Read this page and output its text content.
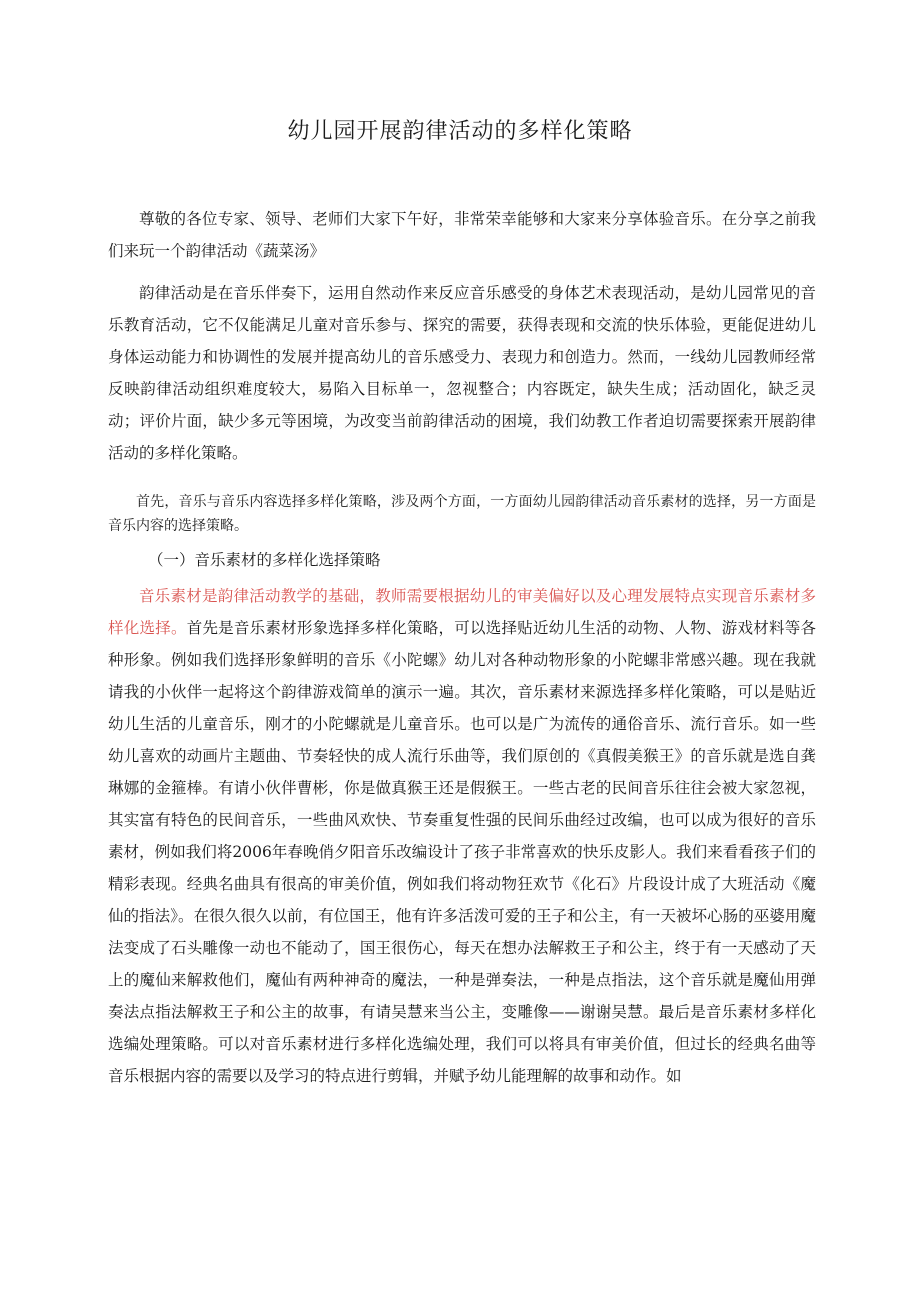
幼儿园开展韵律活动的多样化策略

尊敬的各位专家、领导、老师们大家下午好，非常荣幸能够和大家来分享体验音乐。在分享之前我们来玩一个韵律活动《蔬菜汤》

韵律活动是在音乐伴奏下，运用自然动作来反应音乐感受的身体艺术表现活动，是幼儿园常见的音乐教育活动，它不仅能满足儿童对音乐参与、探究的需要，获得表现和交流的快乐体验，更能促进幼儿身体运动能力和协调性的发展并提高幼儿的音乐感受力、表现力和创造力。然而，一线幼儿园教师经常反映韵律活动组织难度较大，易陷入目标单一，忽视整合；内容既定，缺失生成；活动固化，缺乏灵动；评价片面，缺少多元等困境，为改变当前韵律活动的困境，我们幼教工作者迫切需要探索开展韵律活动的多样化策略。

首先，音乐与音乐内容选择多样化策略，涉及两个方面，一方面幼儿园韵律活动音乐素材的选择，另一方面是音乐内容的选择策略。

（一）音乐素材的多样化选择策略

音乐素材是韵律活动教学的基础，教师需要根据幼儿的审美偏好以及心理发展特点实现音乐素材多样化选择。首先是音乐素材形象选择多样化策略，可以选择贴近幼儿生活的动物、人物、游戏材料等各种形象。例如我们选择形象鲜明的音乐《小陀螺》幼儿对各种动物形象的小陀螺非常感兴趣。现在我就请我的小伙伴一起将这个韵律游戏简单的演示一遍。其次，音乐素材来源选择多样化策略，可以是贴近幼儿生活的儿童音乐，刚才的小陀螺就是儿童音乐。也可以是广为流传的通俗音乐、流行音乐。如一些幼儿喜欢的动画片主题曲、节奏轻快的成人流行乐曲等，我们原创的《真假美猴王》的音乐就是选自龚琳娜的金箍棒。有请小伙伴曹彬，你是做真猴王还是假猴王。一些古老的民间音乐往往会被大家忽视，其实富有特色的民间音乐，一些曲风欢快、节奏重复性强的民间乐曲经过改编，也可以成为很好的音乐素材，例如我们将2006年春晚俏夕阳音乐改编设计了孩子非常喜欢的快乐皮影人。我们来看看孩子们的精彩表现。经典名曲具有很高的审美价值，例如我们将动物狂欢节《化石》片段设计成了大班活动《魔仙的指法》。在很久很久以前，有位国王，他有许多活泼可爱的王子和公主，有一天被坏心肠的巫婆用魔法变成了石头雕像一动也不能动了，国王很伤心，每天在想办法解救王子和公主，终于有一天感动了天上的魔仙来解救他们，魔仙有两种神奇的魔法，一种是弹奏法，一种是点指法，这个音乐就是魔仙用弹奏法点指法解救王子和公主的故事，有请吴慧来当公主，变雕像——谢谢吴慧。最后是音乐素材多样化选编处理策略。可以对音乐素材进行多样化选编处理，我们可以将具有审美价值，但过长的经典名曲等音乐根据内容的需要以及学习的特点进行剪辑，并赋予幼儿能理解的故事和动作。如
